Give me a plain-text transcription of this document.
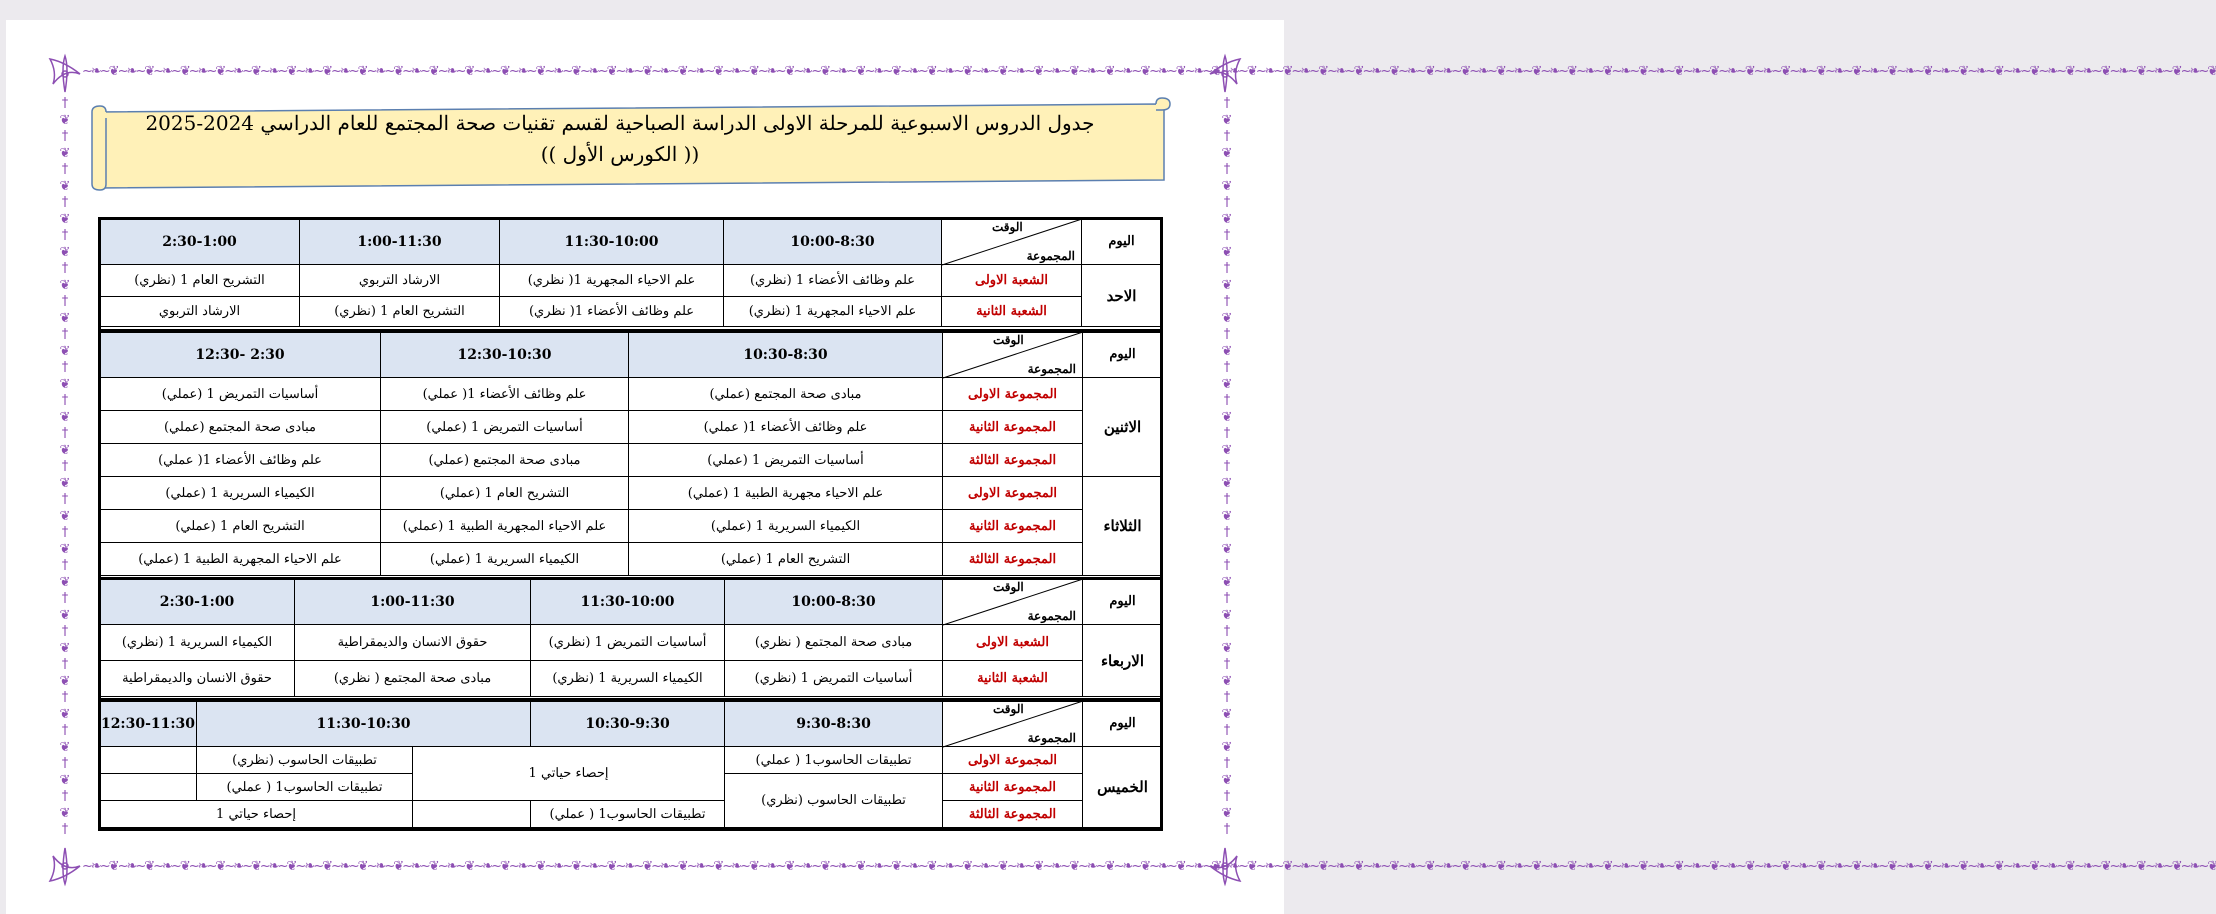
~❧~❦~❧~❦~❧~❦~❧~❦~❧~❦~❧~❦~❧~❦~❧~❦~❧~❦~❧~❦~❧~❦~❧~❦~❧~❦~❧~❦~❧~❦~❧~❦~❧~❦~❧~❦~❧~❦~❧~❦~❧~❦~❧~❦~❧~❦~❧~❦~❧~❦~❧~❦~❧~❦~❧~❦~❧~❦~❧~❦~❧~❦~❧~❦~❧~❦~❧~❦~❧~❦~❧~❦~❧~❦~❧~❦~❧~❦~❧~❦~❧~❦~❧~❦~❧~❦~❧~❦~❧~❦~❧~❦~❧~❦~❧~❦~❧~❦~❧~❦~❧~❦~❧~❦~❧~❦~❧~❦~❧~❦~❧~❦~❧~❦~❧~❦~❧~❦~❧~❦
~❧~❦~❧~❦~❧~❦~❧~❦~❧~❦~❧~❦~❧~❦~❧~❦~❧~❦~❧~❦~❧~❦~❧~❦~❧~❦~❧~❦~❧~❦~❧~❦~❧~❦~❧~❦~❧~❦~❧~❦~❧~❦~❧~❦~❧~❦~❧~❦~❧~❦~❧~❦~❧~❦~❧~❦~❧~❦~❧~❦~❧~❦~❧~❦~❧~❦~❧~❦~❧~❦~❧~❦~❧~❦~❧~❦~❧~❦~❧~❦~❧~❦~❧~❦~❧~❦~❧~❦~❧~❦~❧~❦~❧~❦~❧~❦~❧~❦~❧~❦~❧~❦~❧~❦~❧~❦~❧~❦~❧~❦~❧~❦~❧~❦~❧~❦~❧~❦~❧~❦
†
❦
†
❦
†
❦
†
❦
†
❦
†
❦
†
❦
†
❦
†
❦
†
❦
†
❦
†
❦
†
❦
†
❦
†
❦
†
❦
†
❦
†
❦
†
❦
†
❦
†
❦
†
❦
†
†
❦
†
❦
†
❦
†
❦
†
❦
†
❦
†
❦
†
❦
†
❦
†
❦
†
❦
†
❦
†
❦
†
❦
†
❦
†
❦
†
❦
†
❦
†
❦
†
❦
†
❦
†
❦
†
جدول الدروس الاسبوعية للمرحلة الاولى الدراسة الصباحية لقسم تقنيات صحة المجتمع للعام الدراسي 2024-2025
(( الكورس الأول ))
اليوم	الوقت
المجموعة	10:00-8:30	11:30-10:00	1:00-11:30	2:30-1:00
الاحد	الشعبة الاولى	علم وظائف الأعضاء 1 (نظري)	علم الاحياء المجهرية 1( نظري)	الارشاد التربوي	التشريح العام 1 (نظري)
	الشعبة الثانية	علم الاحياء المجهرية 1 (نظري)	علم وظائف الأعضاء 1( نظري)	التشريح العام 1 (نظري)	الارشاد التربوي
اليوم	الوقت
المجموعة	10:30-8:30	12:30-10:30	2:30 -12:30
الاثنين	المجموعة الاولى	مبادى صحة المجتمع (عملي)	علم وظائف الأعضاء 1( عملي)	أساسيات التمريض 1 (عملي)
	المجموعة الثانية	علم وظائف الأعضاء 1( عملي)	أساسيات التمريض 1 (عملي)	مبادى صحة المجتمع (عملي)
	المجموعة الثالثة	أساسيات التمريض 1 (عملي)	مبادى صحة المجتمع (عملي)	علم وظائف الأعضاء 1( عملي)
الثلاثاء	المجموعة الاولى	علم الاحياء مجهرية الطبية 1 (عملي)	التشريح العام 1 (عملي)	الكيمياء السريرية 1 (عملي)
	المجموعة الثانية	الكيمياء السريرية 1 (عملي)	علم الاحياء المجهرية الطبية 1 (عملي)	التشريح العام 1 (عملي)
	المجموعة الثالثة	التشريح العام 1 (عملي)	الكيمياء السريرية 1 (عملي)	علم الاحياء المجهرية الطبية 1 (عملي)
اليوم	الوقت
المجموعة	10:00-8:30	11:30-10:00	1:00-11:30	2:30-1:00
الاربعاء	الشعبة الاولى	مبادى صحة المجتمع ( نظري)	أساسيات التمريض 1 (نظري)	حقوق الانسان والديمقراطية	الكيمياء السريرية 1 (نظري)
	الشعبة الثانية	أساسيات التمريض 1 (نظري)	الكيمياء السريرية 1 (نظري)	مبادى صحة المجتمع ( نظري)	حقوق الانسان والديمقراطية
اليوم	الوقت
المجموعة	9:30-8:30	10:30-9:30	11:30-10:30		12:30-11:30
الخميس	المجموعة الاولى	تطبيقات الحاسوب1 ( عملي)	إحصاء حياتي 1		تطبيقات الحاسوب (نظري)	
	المجموعة الثانية	تطبيقات الحاسوب (نظري)			تطبيقات الحاسوب1 ( عملي)	
	المجموعة الثالثة		تطبيقات الحاسوب1 ( عملي)		إحصاء حياتي 1	
